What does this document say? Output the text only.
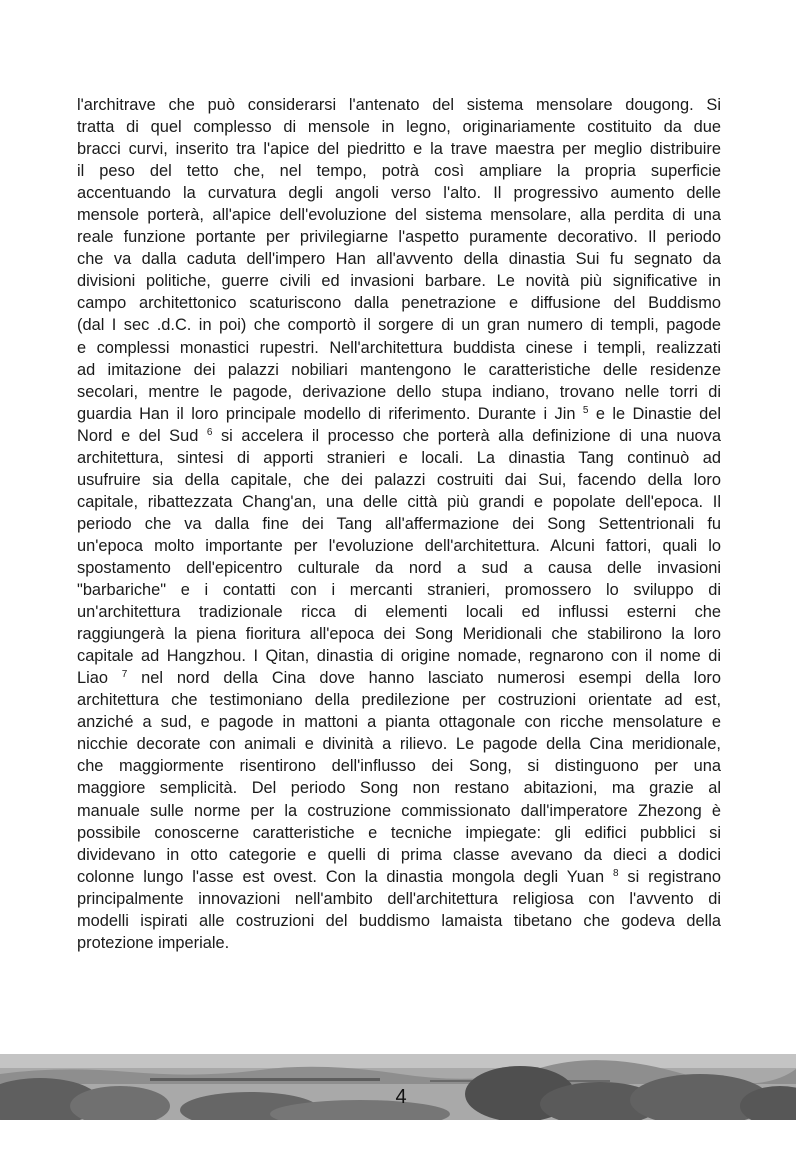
l'architrave che può considerarsi l'antenato del sistema mensolare dougong. Si
tratta di quel complesso di mensole in legno, originariamente costituito da due
bracci curvi, inserito tra l'apice del piedritto e la trave maestra per meglio distribuire
il peso del tetto che, nel tempo, potrà così ampliare la propria superficie
accentuando la curvatura degli angoli verso l'alto. Il progressivo aumento delle
mensole porterà, all'apice dell'evoluzione del sistema mensolare, alla perdita di una
reale funzione portante per privilegiarne l'aspetto puramente decorativo. Il periodo
che va dalla caduta dell'impero Han all'avvento della dinastia Sui fu segnato da
divisioni politiche, guerre civili ed invasioni barbare. Le novità più significative in
campo architettonico scaturiscono dalla penetrazione e diffusione del Buddismo
(dal I sec .d.C. in poi) che comportò il sorgere di un gran numero di templi, pagode
e complessi monastici rupestri. Nell'architettura buddista cinese i templi, realizzati
ad imitazione dei palazzi nobiliari mantengono le caratteristiche delle residenze
secolari, mentre le pagode, derivazione dello stupa indiano, trovano nelle torri di
guardia Han il loro principale modello di riferimento. Durante i Jin $^5$ e le Dinastie del
Nord e del Sud $^6$ si accelera il processo che porterà alla definizione di una nuova
architettura, sintesi di apporti stranieri e locali. La dinastia Tang continuò ad
usufruire sia della capitale, che dei palazzi costruiti dai Sui, facendo della loro
capitale, ribattezzata Chang'an, una delle città più grandi e popolate dell'epoca. Il
periodo che va dalla fine dei Tang all'affermazione dei Song Settentrionali fu
un'epoca molto importante per l'evoluzione dell'architettura. Alcuni fattori, quali lo
spostamento dell'epicentro culturale da nord a sud a causa delle invasioni
"barbariche" e i contatti con i mercanti stranieri, promossero lo sviluppo di
un'architettura tradizionale ricca di elementi locali ed influssi esterni che
raggiungerà la piena fioritura all'epoca dei Song Meridionali che stabilirono la loro
capitale ad Hangzhou. I Qitan, dinastia di origine nomade, regnarono con il nome di
Liao $^7$ nel nord della Cina dove hanno lasciato numerosi esempi della loro
architettura che testimoniano della predilezione per costruzioni orientate ad est,
anziché a sud, e pagode in mattoni a pianta ottagonale con ricche mensolature e
nicchie decorate con animali e divinità a rilievo. Le pagode della Cina meridionale,
che maggiormente risentirono dell'influsso dei Song, si distinguono per una
maggiore semplicità. Del periodo Song non restano abitazioni, ma grazie al
manuale sulle norme per la costruzione commissionato dall'imperatore Zhezong è
possibile conoscerne caratteristiche e tecniche impiegate: gli edifici pubblici si
dividevano in otto categorie e quelli di prima classe avevano da dieci a dodici
colonne lungo l'asse est ovest. Con la dinastia mongola degli Yuan $^8$ si registrano
principalmente innovazioni nell'ambito dell'architettura religiosa con l'avvento di
modelli ispirati alle costruzioni del buddismo lamaista tibetano che godeva della
protezione imperiale.
4
